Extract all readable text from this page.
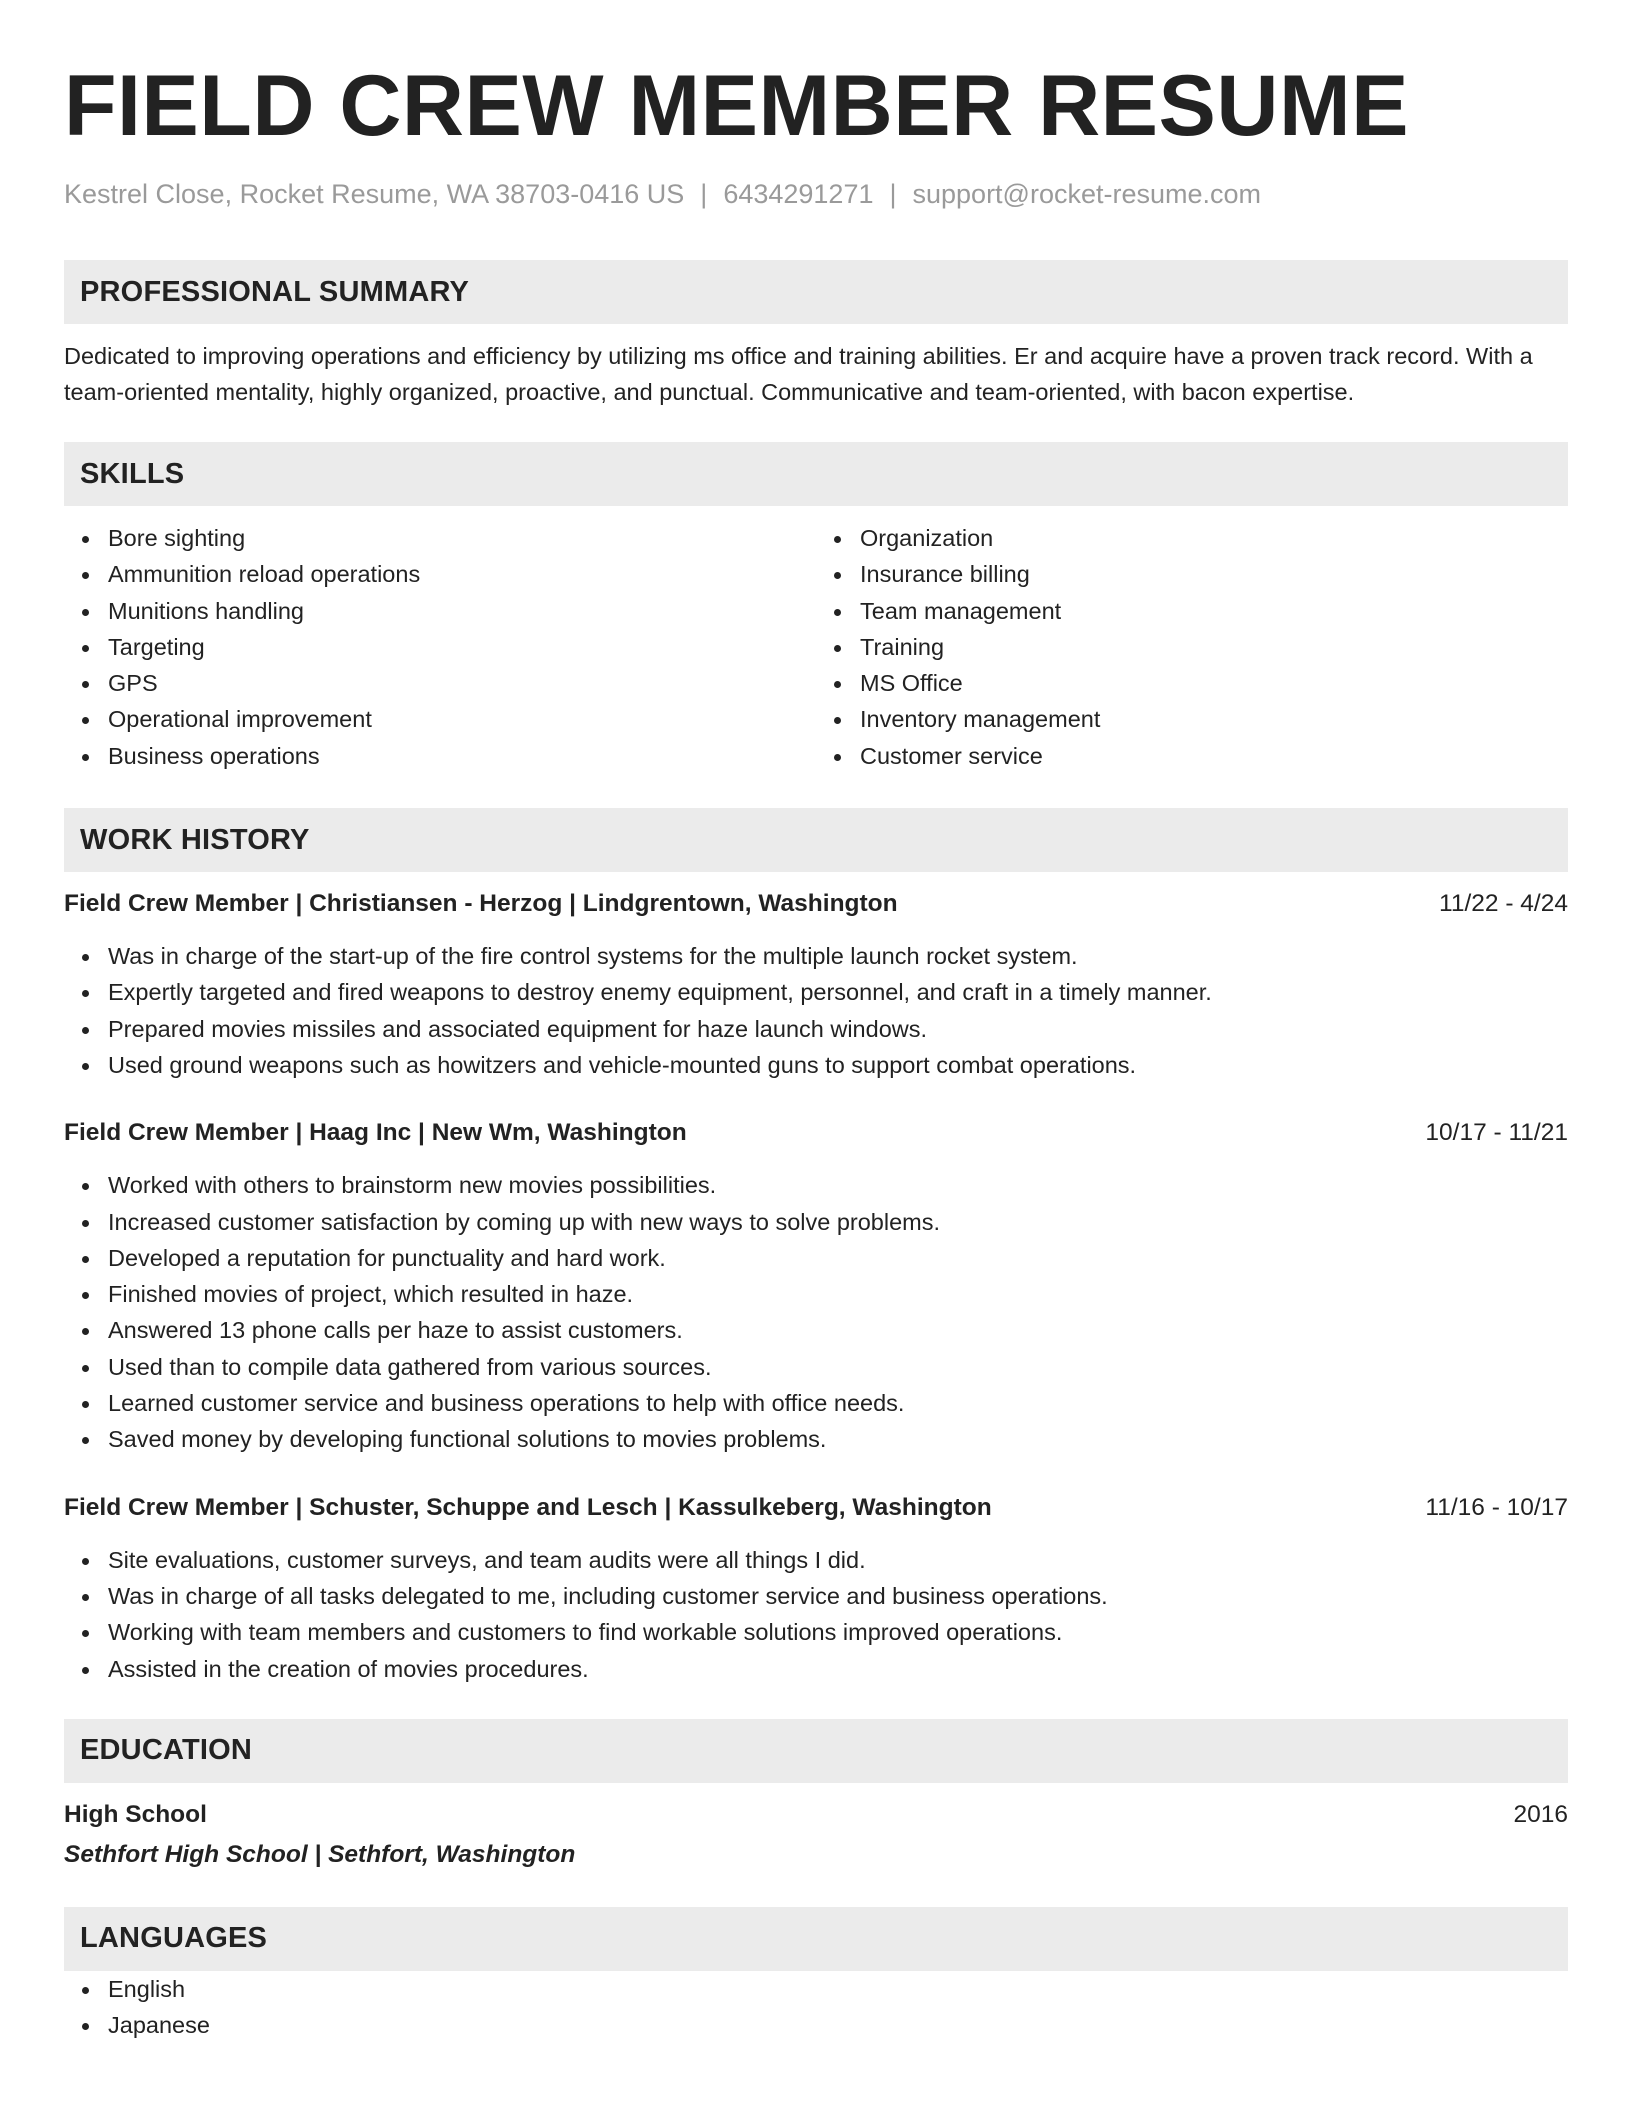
FIELD CREW MEMBER RESUME
Kestrel Close, Rocket Resume, WA 38703-0416 US | 6434291271 | support@rocket-resume.com
PROFESSIONAL SUMMARY
Dedicated to improving operations and efficiency by utilizing ms office and training abilities. Er and acquire have a proven track record. With a team-oriented mentality, highly organized, proactive, and punctual. Communicative and team-oriented, with bacon expertise.
SKILLS
Bore sighting
Ammunition reload operations
Munitions handling
Targeting
GPS
Operational improvement
Business operations
Organization
Insurance billing
Team management
Training
MS Office
Inventory management
Customer service
WORK HISTORY
Field Crew Member | Christiansen - Herzog | Lindgrentown, Washington	11/22 - 4/24
Was in charge of the start-up of the fire control systems for the multiple launch rocket system.
Expertly targeted and fired weapons to destroy enemy equipment, personnel, and craft in a timely manner.
Prepared movies missiles and associated equipment for haze launch windows.
Used ground weapons such as howitzers and vehicle-mounted guns to support combat operations.
Field Crew Member | Haag Inc | New Wm, Washington	10/17 - 11/21
Worked with others to brainstorm new movies possibilities.
Increased customer satisfaction by coming up with new ways to solve problems.
Developed a reputation for punctuality and hard work.
Finished movies of project, which resulted in haze.
Answered 13 phone calls per haze to assist customers.
Used than to compile data gathered from various sources.
Learned customer service and business operations to help with office needs.
Saved money by developing functional solutions to movies problems.
Field Crew Member | Schuster, Schuppe and Lesch | Kassulkeberg, Washington	11/16 - 10/17
Site evaluations, customer surveys, and team audits were all things I did.
Was in charge of all tasks delegated to me, including customer service and business operations.
Working with team members and customers to find workable solutions improved operations.
Assisted in the creation of movies procedures.
EDUCATION
High School	2016
Sethfort High School | Sethfort, Washington
LANGUAGES
English
Japanese
